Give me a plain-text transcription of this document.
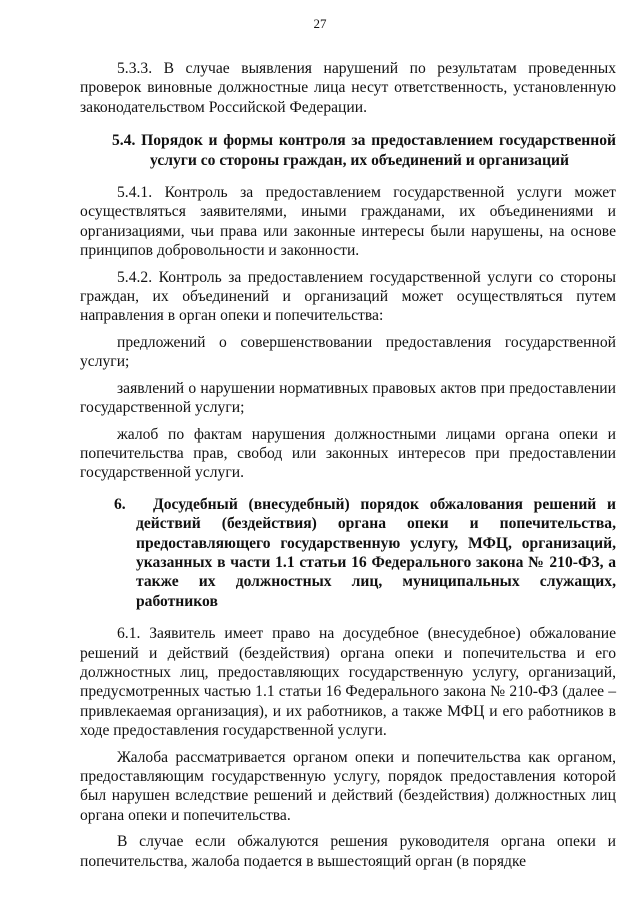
27

5.3.3. В случае выявления нарушений по результатам проведенных проверок виновные должностные лица несут ответственность, установленную законодательством Российской Федерации.

5.4. Порядок и формы контроля за предоставлением государственной услуги со стороны граждан, их объединений и организаций

5.4.1. Контроль за предоставлением государственной услуги может осуществляться заявителями, иными гражданами, их объединениями и организациями, чьи права или законные интересы были нарушены, на основе принципов добровольности и законности.

5.4.2. Контроль за предоставлением государственной услуги со стороны граждан, их объединений и организаций может осуществляться путем направления в орган опеки и попечительства:

предложений о совершенствовании предоставления государственной услуги;

заявлений о нарушении нормативных правовых актов при предоставлении государственной услуги;

жалоб по фактам нарушения должностными лицами органа опеки и попечительства прав, свобод или законных интересов при предоставлении государственной услуги.

6. Досудебный (внесудебный) порядок обжалования решений и действий (бездействия) органа опеки и попечительства, предоставляющего государственную услугу, МФЦ, организаций, указанных в части 1.1 статьи 16 Федерального закона № 210-ФЗ, а также их должностных лиц, муниципальных служащих, работников

6.1. Заявитель имеет право на досудебное (внесудебное) обжалование решений и действий (бездействия) органа опеки и попечительства и его должностных лиц, предоставляющих государственную услугу, организаций, предусмотренных частью 1.1 статьи 16 Федерального закона № 210-ФЗ (далее – привлекаемая организация), и их работников, а также МФЦ и его работников в ходе предоставления государственной услуги.

Жалоба рассматривается органом опеки и попечительства как органом, предоставляющим государственную услугу, порядок предоставления которой был нарушен вследствие решений и действий (бездействия) должностных лиц органа опеки и попечительства.

В случае если обжалуются решения руководителя органа опеки и попечительства, жалоба подается в вышестоящий орган (в порядке
